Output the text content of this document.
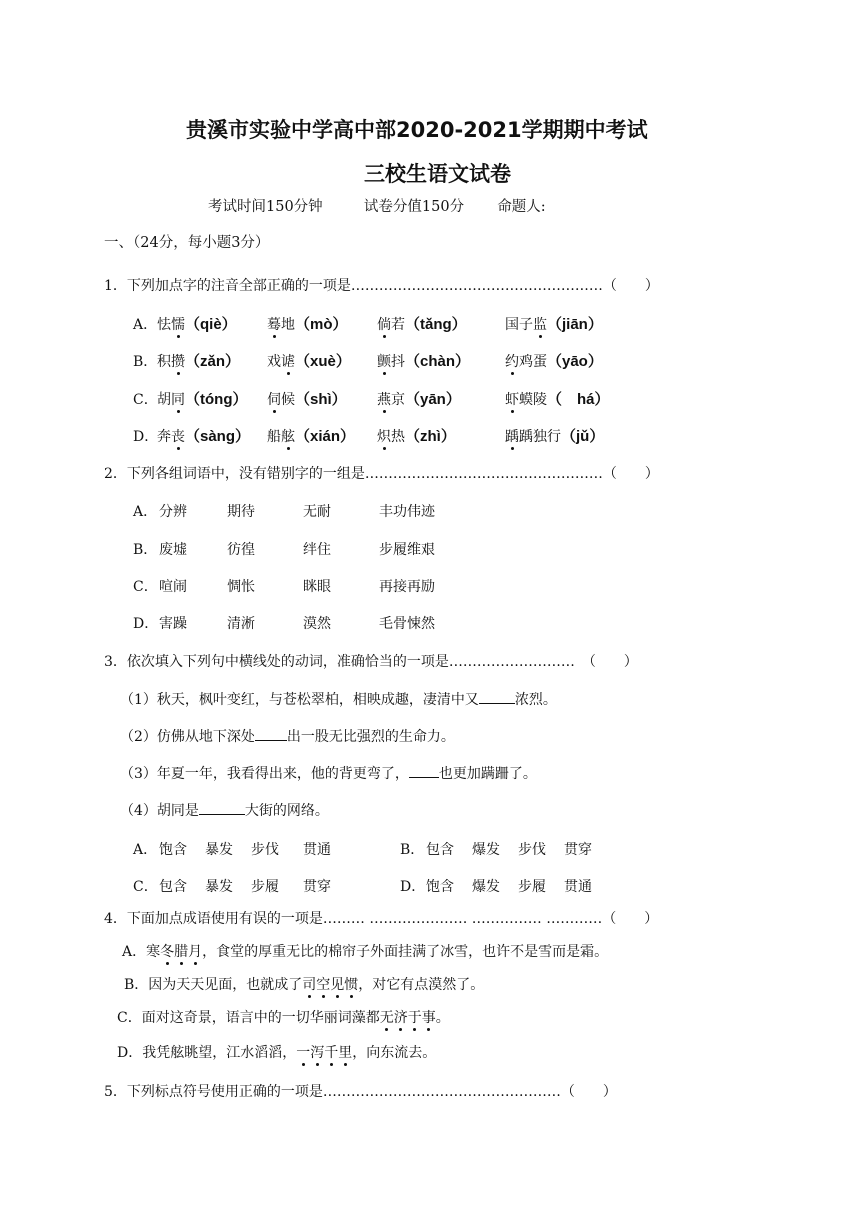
贵溪市实验中学高中部2020-2021学期期中考试
三校生语文试卷
考试时间150分钟	试卷分值150分 命题人:
一、（24分，每小题3分）
1．下列加点字的注音全部正确的一项是………………………………………………（　　）
A．怯懦（qiè） 蓦地（mò） 倘若（tǎng）	国子监（jiān）
B．积攒（zǎn） 戏谑（xuè） 颤抖（chàn） 约鸡蛋（yāo）
C．胡同（tóng） 伺候（shì） 燕京（yān）	虾蟆陵（　há）
D．奔丧（sàng） 船舷（xián） 炽热（zhì）	踽踽独行（jǔ）
2．下列各组词语中，没有错别字的一组是……………………………………………（　　）
A． 分辨	期待	无耐	丰功伟迹
B． 废墟	彷徨	绊住	步履维艰
C．喧闹	惆怅	眯眼	再接再励
D．害躁	清淅	漠然	毛骨悚然
3．依次填入下列句中横线处的动词，准确恰当的一项是………………………　（　　）
（1）秋天，枫叶变红，与苍松翠柏，相映成趣，凄清中又	浓烈。
（2）仿佛从地下深处 出一股无比强烈的生命力。
（3）年夏一年，我看得出来，他的背更弯了， 也更加蹒跚了。
（4）胡同是	大街的网络。
A． 饱含 暴发 步伐 贯通	B． 包含 爆发 步伐 贯穿
C．包含 暴发 步履 贯穿	D．饱含 爆发 步履 贯通
4．下面加点成语使用有误的一项是……… ………………… …………… …………（　　）
A．寒冬腊月，食堂的厚重无比的棉帘子外面挂满了冰雪，也许不是雪而是霜。
B．因为天天见面，也就成了司空见惯，对它有点漠然了。
C．面对这奇景，语言中的一切华丽词藻都无济于事。
D．我凭舷眺望，江水滔滔，一泻千里，向东流去。
5．下列标点符号使用正确的一项是……………………………………………（　　）
